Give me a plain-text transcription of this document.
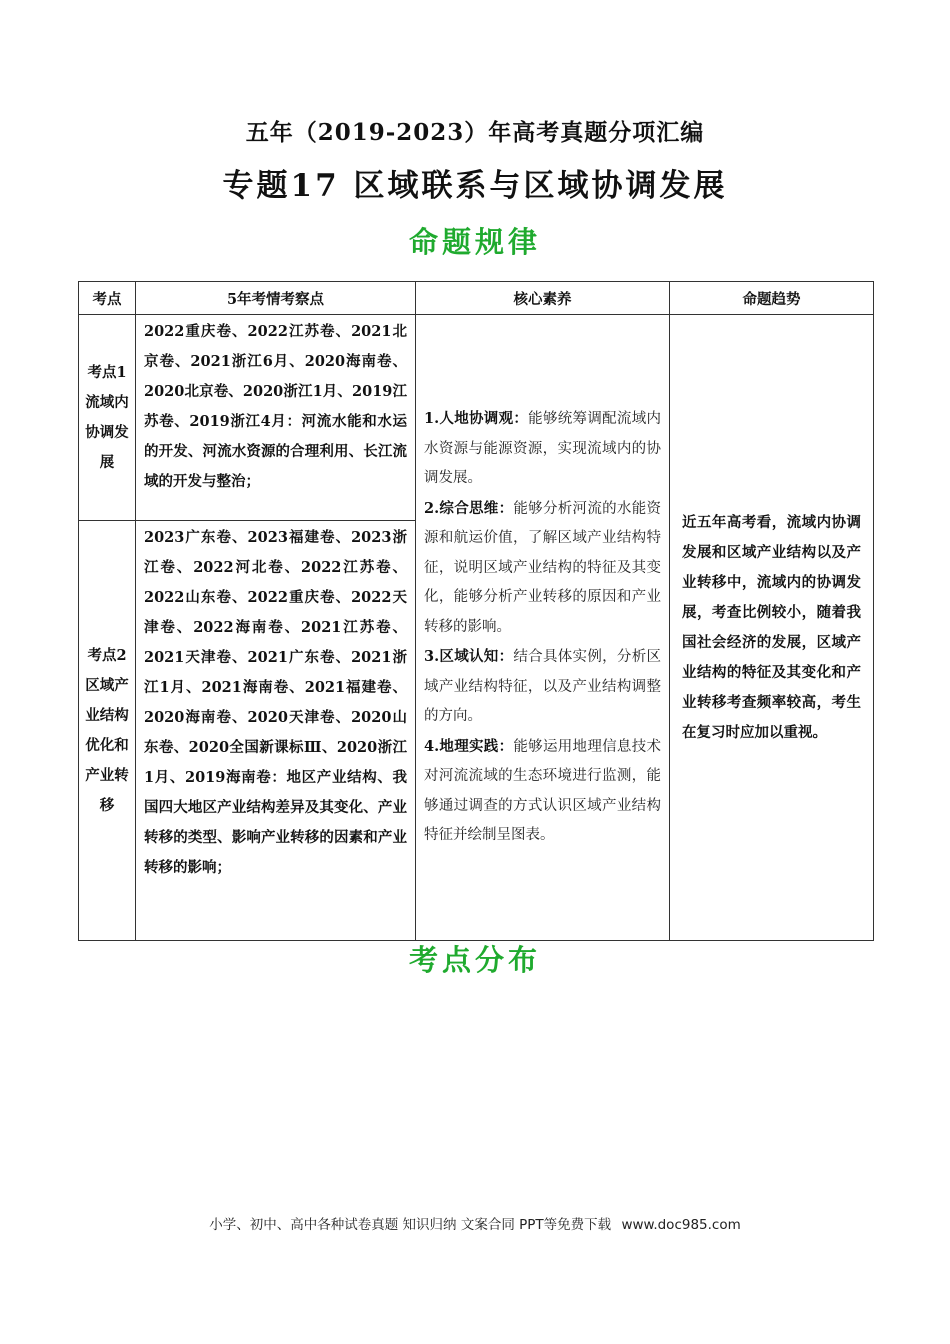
五年（2019-2023）年高考真题分项汇编
专题17 区域联系与区域协调发展
命题规律
考点	5年考情考察点	核心素养	命题趋势
考点1流域内协调发展	2022重庆卷、2022江苏卷、2021北京卷、2021浙江6月、2020海南卷、2020北京卷、2020浙江1月、2019江苏卷、2019浙江4月：河流水能和水运的开发、河流水资源的合理利用、长江流域的开发与整治；	1.人地协调观：能够统筹调配流域内水资源与能源资源，实现流域内的协调发展。
2.综合思维：能够分析河流的水能资源和航运价值，了解区域产业结构特征，说明区域产业结构的特征及其变化，能够分析产业转移的原因和产业转移的影响。
3.区域认知：结合具体实例，分析区域产业结构特征，以及产业结构调整的方向。
4.地理实践：能够运用地理信息技术对河流流域的生态环境进行监测，能够通过调查的方式认识区域产业结构特征并绘制呈图表。	近五年高考看，流域内协调发展和区域产业结构以及产业转移中，流域内的协调发展，考查比例较小，随着我国社会经济的发展，区域产业结构的特征及其变化和产业转移考查频率较高，考生在复习时应加以重视。
考点2区域产业结构优化和产业转移	2023广东卷、2023福建卷、2023浙江卷、2022河北卷、2022江苏卷、2022山东卷、2022重庆卷、2022天津卷、2022海南卷、2021江苏卷、2021天津卷、2021广东卷、2021浙江1月、2021海南卷、2021福建卷、2020海南卷、2020天津卷、2020山东卷、2020全国新课标Ⅲ、2020浙江1月、2019海南卷：地区产业结构、我国四大地区产业结构差异及其变化、产业转移的类型、影响产业转移的因素和产业转移的影响；		
考点分布
小学、初中、高中各种试卷真题 知识归纳 文案合同 PPT等免费下载 www.doc985.com
